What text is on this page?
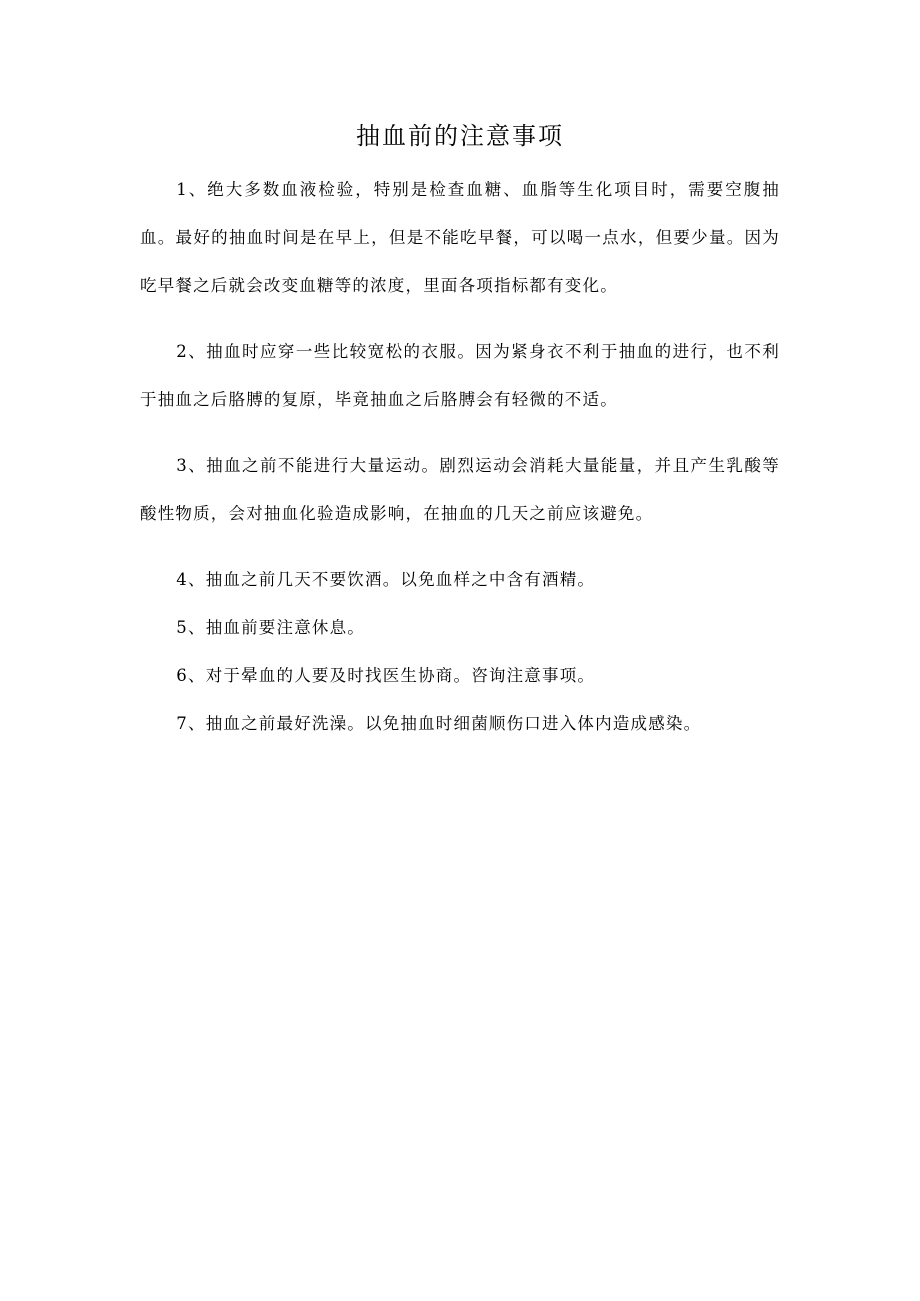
抽血前的注意事项

1、绝大多数血液检验，特别是检查血糖、血脂等生化项目时，需要空腹抽血。最好的抽血时间是在早上，但是不能吃早餐，可以喝一点水，但要少量。因为吃早餐之后就会改变血糖等的浓度，里面各项指标都有变化。

2、抽血时应穿一些比较宽松的衣服。因为紧身衣不利于抽血的进行，也不利于抽血之后胳膊的复原，毕竟抽血之后胳膊会有轻微的不适。

3、抽血之前不能进行大量运动。剧烈运动会消耗大量能量，并且产生乳酸等酸性物质，会对抽血化验造成影响，在抽血的几天之前应该避免。

4、抽血之前几天不要饮酒。以免血样之中含有酒精。

5、抽血前要注意休息。

6、对于晕血的人要及时找医生协商。咨询注意事项。

7、抽血之前最好洗澡。以免抽血时细菌顺伤口进入体内造成感染。
